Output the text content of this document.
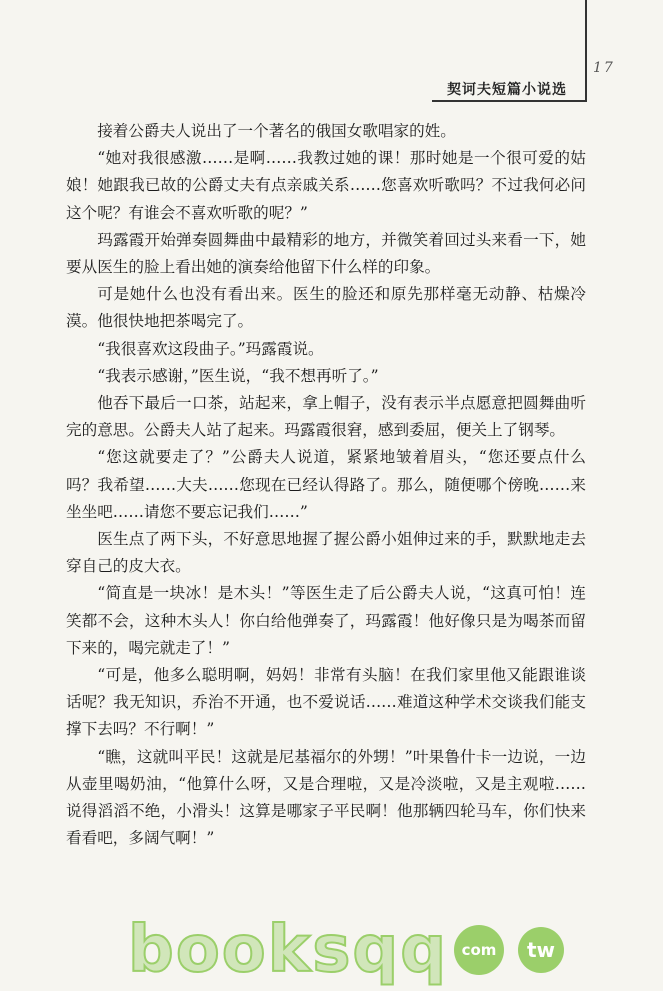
17
契诃夫短篇小说选

接着公爵夫人说出了一个著名的俄国女歌唱家的姓。

“她对我很感激……是啊……我教过她的课！那时她是一个很可爱的姑娘！她跟我已故的公爵丈夫有点亲戚关系……您喜欢听歌吗？不过我何必问这个呢？有谁会不喜欢听歌的呢？”

玛露霞开始弹奏圆舞曲中最精彩的地方，并微笑着回过头来看一下，她要从医生的脸上看出她的演奏给他留下什么样的印象。

可是她什么也没有看出来。医生的脸还和原先那样毫无动静、枯燥冷漠。他很快地把茶喝完了。

“我很喜欢这段曲子。”玛露霞说。

“我表示感谢，”医生说，“我不想再听了。”

他吞下最后一口茶，站起来，拿上帽子，没有表示半点愿意把圆舞曲听完的意思。公爵夫人站了起来。玛露霞很窘，感到委屈，便关上了钢琴。

“您这就要走了？”公爵夫人说道，紧紧地皱着眉头，“您还要点什么吗？我希望……大夫……您现在已经认得路了。那么，随便哪个傍晚……来坐坐吧……请您不要忘记我们……”

医生点了两下头，不好意思地握了握公爵小姐伸过来的手，默默地走去穿自己的皮大衣。

“简直是一块冰！是木头！”等医生走了后公爵夫人说，“这真可怕！连笑都不会，这种木头人！你白给他弹奏了，玛露霞！他好像只是为喝茶而留下来的，喝完就走了！”

“可是，他多么聪明啊，妈妈！非常有头脑！在我们家里他又能跟谁谈话呢？我无知识，乔治不开通，也不爱说话……难道这种学术交谈我们能支撑下去吗？不行啊！”

“瞧，这就叫平民！这就是尼基福尔的外甥！”叶果鲁什卡一边说，一边从壶里喝奶油，“他算什么呀，又是合理啦，又是冷淡啦，又是主观啦……说得滔滔不绝，小滑头！这算是哪家子平民啊！他那辆四轮马车，你们快来看看吧，多阔气啊！”

b o o k s q q	com	tw
